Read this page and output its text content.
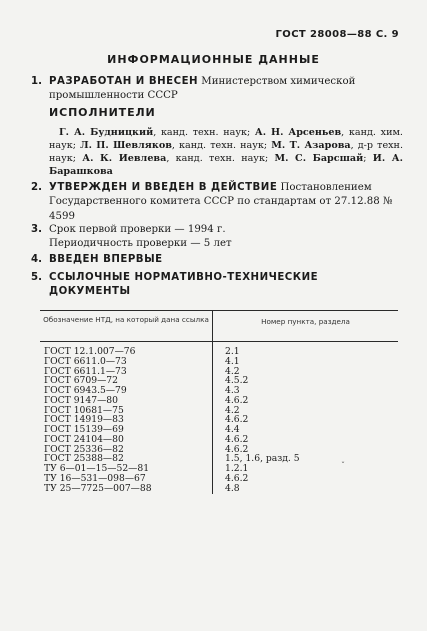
ГОСТ 28008—88 С. 9
ИНФОРМАЦИОННЫЕ ДАННЫЕ
1. РАЗРАБОТАН И ВНЕСЕН Министерством химической промышленности СССР
ИСПОЛНИТЕЛИ
Г. А. Будницкий, канд. техн. наук; А. Н. Арсеньев, канд. хим. наук; Л. П. Шевляков, канд. техн. наук; М. Т. Азарова, д-р техн. наук; А. К. Иевлева, канд. техн. наук; М. С. Барсшай; И. А. Барашкова
2. УТВЕРЖДЕН И ВВЕДЕН В ДЕЙСТВИЕ Постановлением Государственного комитета СССР по стандартам от 27.12.88 № 4599
3. Срок первой проверки — 1994 г.
Периодичность проверки — 5 лет
4. ВВЕДЕН ВПЕРВЫЕ
5. ССЫЛОЧНЫЕ НОРМАТИВНО-ТЕХНИЧЕСКИЕ ДОКУМЕНТЫ
Обозначение НТД, на который дана ссылка	Номер пункта, раздела
ГОСТ 12.1.007—76
ГОСТ 6611.0—73
ГОСТ 6611.1—73
ГОСТ 6709—72
ГОСТ 6943.5—79
ГОСТ 9147—80
ГОСТ 10681—75
ГОСТ 14919—83
ГОСТ 15139—69
ГОСТ 24104—80
ГОСТ 25336—82
ГОСТ 25388—82
ТУ 6—01—15—52—81
ТУ 16—531—098—67
ТУ 25—7725—007—88
2.1
4.1
4.2
4.5.2
4.3
4.6.2
4.2
4.6.2
4.4
4.6.2
4.6.2
1.5, 1.6, разд. 5
1.2.1
4.6.2
4.8
ˇ
